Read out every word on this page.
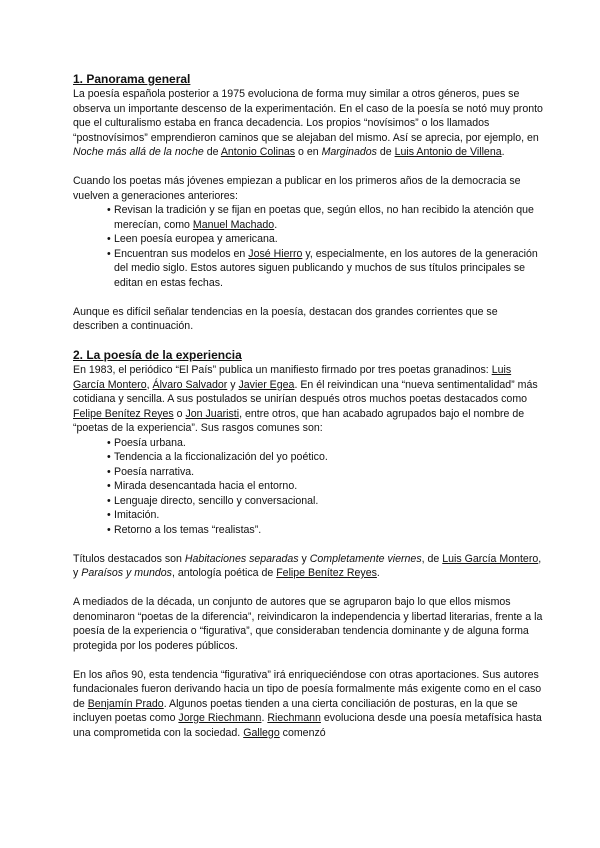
1. Panorama general

La poesía española posterior a 1975 evoluciona de forma muy similar a otros géneros, pues se observa un importante descenso de la experimentación. En el caso de la poesía se notó muy pronto que el culturalismo estaba en franca decadencia. Los propios “novísimos” o los llamados “postnovísimos” emprendieron caminos que se alejaban del mismo. Así se aprecia, por ejemplo, en Noche más allá de la noche de Antonio Colinas o en Marginados de Luis Antonio de Villena.

Cuando los poetas más jóvenes empiezan a publicar en los primeros años de la democracia se vuelven a generaciones anteriores:

• Revisan la tradición y se fijan en poetas que, según ellos, no han recibido la atención que merecían, como Manuel Machado.
• Leen poesía europea y americana.
• Encuentran sus modelos en José Hierro y, especialmente, en los autores de la generación del medio siglo. Estos autores siguen publicando y muchos de sus títulos principales se editan en estas fechas.

Aunque es difícil señalar tendencias en la poesía, destacan dos grandes corrientes que se describen a continuación.

2. La poesía de la experiencia

En 1983, el periódico “El País” publica un manifiesto firmado por tres poetas granadinos: Luis García Montero, Álvaro Salvador y Javier Egea. En él reivindican una “nueva sentimentalidad” más cotidiana y sencilla. A sus postulados se unirían después otros muchos poetas destacados como Felipe Benítez Reyes o Jon Juaristi, entre otros, que han acabado agrupados bajo el nombre de “poetas de la experiencia”. Sus rasgos comunes son:

• Poesía urbana.
• Tendencia a la ficcionalización del yo poético.
• Poesía narrativa.
• Mirada desencantada hacia el entorno.
• Lenguaje directo, sencillo y conversacional.
• Imitación.
• Retorno a los temas “realistas”.

Títulos destacados son Habitaciones separadas y Completamente viernes, de Luis García Montero, y Paraísos y mundos, antología poética de Felipe Benítez Reyes.

A mediados de la década, un conjunto de autores que se agruparon bajo lo que ellos mismos denominaron “poetas de la diferencia”, reivindicaron la independencia y libertad literarias, frente a la poesía de la experiencia o “figurativa”, que consideraban tendencia dominante y de alguna forma protegida por los poderes públicos.

En los años 90, esta tendencia “figurativa” irá enriqueciéndose con otras aportaciones. Sus autores fundacionales fueron derivando hacia un tipo de poesía formalmente más exigente como en el caso de Benjamín Prado. Algunos poetas tienden a una cierta conciliación de posturas, en la que se incluyen poetas como Jorge Riechmann. Riechmann evoluciona desde una poesía metafísica hasta una comprometida con la sociedad. Gallego comenzó
